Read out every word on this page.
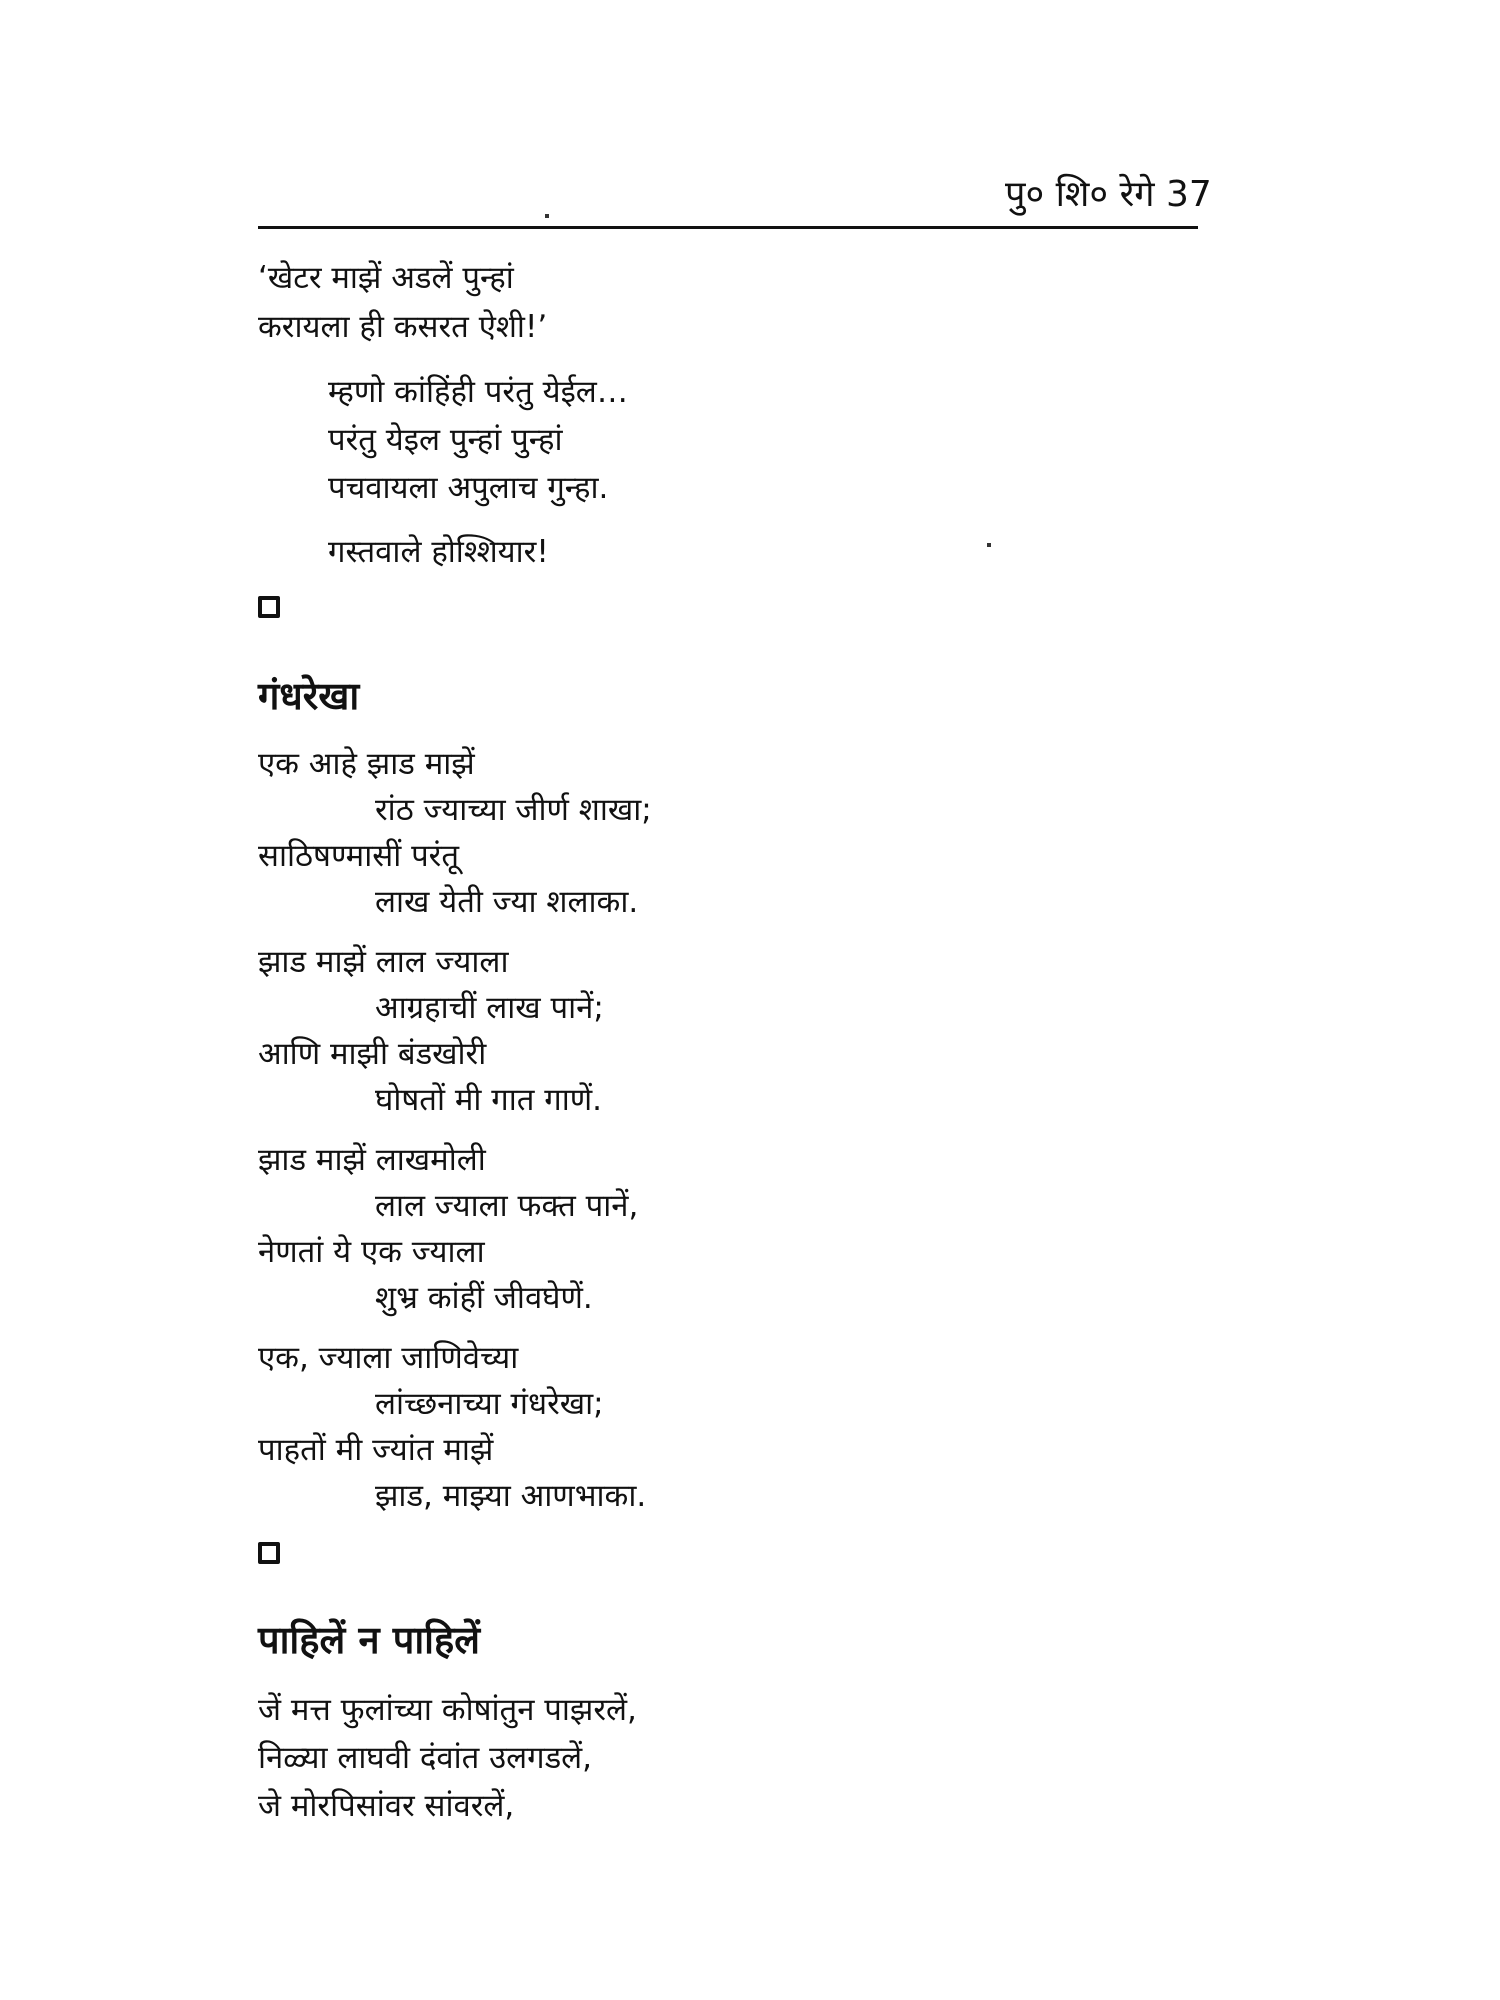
पु० शि० रेगे 37
‘खेटर माझें अडलें पुन्हां
करायला ही कसरत ऐशी!’
म्हणो कांहिंही परंतु येईल…
परंतु येइल पुन्हां पुन्हां
पचवायला अपुलाच गुन्हा.
गस्तवाले होश्शियार!
गंधरेखा
एक आहे झाड माझें
रांठ ज्याच्या जीर्ण शाखा;
साठिषण्मासीं परंतू
लाख येती ज्या शलाका.
झाड माझें लाल ज्याला
आग्रहाचीं लाख पानें;
आणि माझी बंडखोरी
घोषतों मी गात गाणें.
झाड माझें लाखमोली
लाल ज्याला फक्त पानें,
नेणतां ये एक ज्याला
शुभ्र कांहीं जीवघेणें.
एक, ज्याला जाणिवेच्या
लांच्छनाच्या गंधरेखा;
पाहतों मी ज्यांत माझें
झाड, माझ्या आणभाका.
पाहिलें न पाहिलें
जें मत्त फुलांच्या कोषांतुन पाझरलें,
निळ्या लाघवी दंवांत उलगडलें,
जे मोरपिसांवर सांवरलें,
